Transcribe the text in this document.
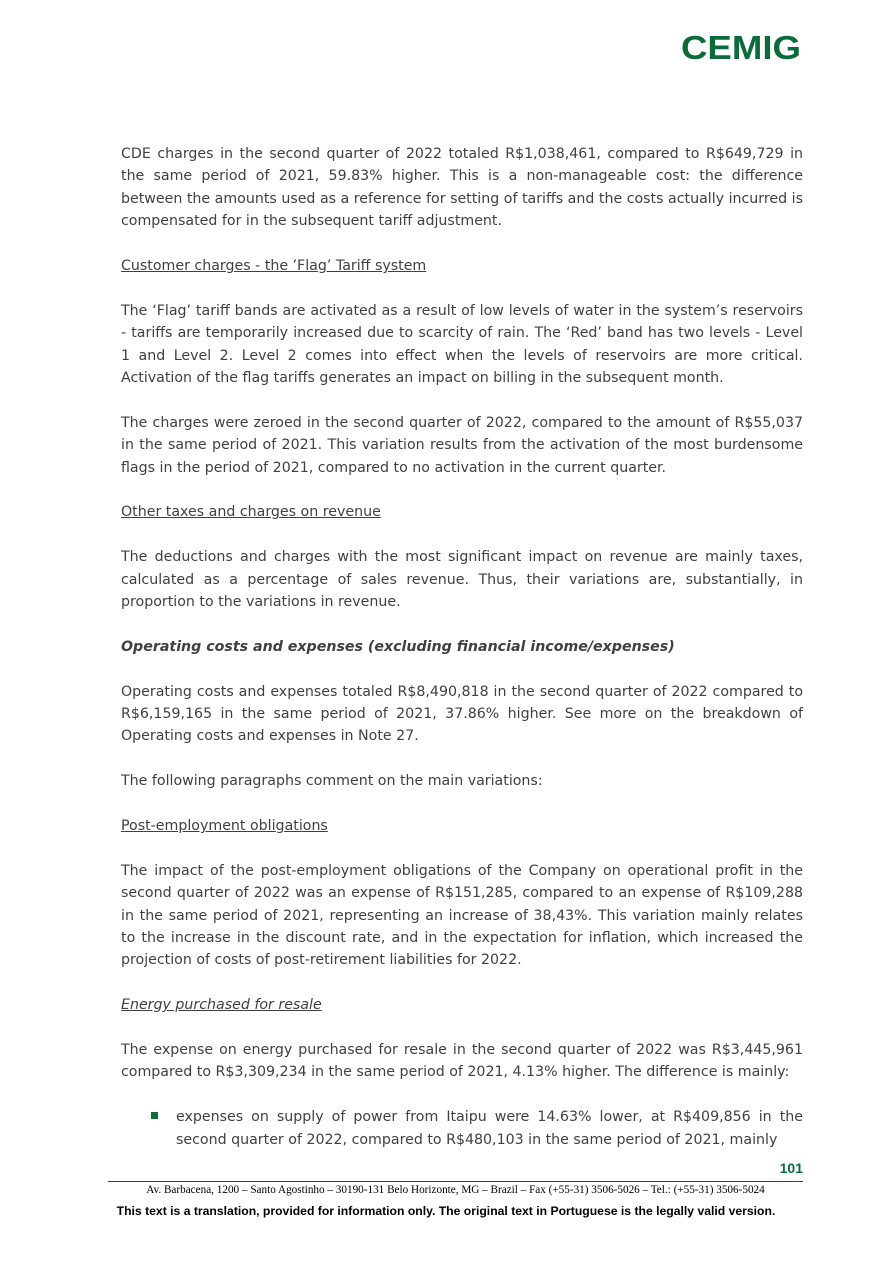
CEMIG

CDE charges in the second quarter of 2022 totaled R$1,038,461, compared to R$649,729 in the same period of 2021, 59.83% higher. This is a non-manageable cost: the difference between the amounts used as a reference for setting of tariffs and the costs actually incurred is compensated for in the subsequent tariff adjustment.

Customer charges - the ’Flag’ Tariff system

The ‘Flag’ tariff bands are activated as a result of low levels of water in the system’s reservoirs - tariffs are temporarily increased due to scarcity of rain. The ‘Red’ band has two levels - Level 1 and Level 2. Level 2 comes into effect when the levels of reservoirs are more critical. Activation of the flag tariffs generates an impact on billing in the subsequent month.

The charges were zeroed in the second quarter of 2022, compared to the amount of R$55,037 in the same period of 2021. This variation results from the activation of the most burdensome flags in the period of 2021, compared to no activation in the current quarter.

Other taxes and charges on revenue

The deductions and charges with the most significant impact on revenue are mainly taxes, calculated as a percentage of sales revenue. Thus, their variations are, substantially, in proportion to the variations in revenue.

Operating costs and expenses (excluding financial income/expenses)

Operating costs and expenses totaled R$8,490,818 in the second quarter of 2022 compared to R$6,159,165 in the same period of 2021, 37.86% higher. See more on the breakdown of Operating costs and expenses in Note 27.

The following paragraphs comment on the main variations:

Post-employment obligations

The impact of the post-employment obligations of the Company on operational profit in the second quarter of 2022 was an expense of R$151,285, compared to an expense of R$109,288 in the same period of 2021, representing an increase of 38,43%. This variation mainly relates to the increase in the discount rate, and in the expectation for inflation, which increased the projection of costs of post-retirement liabilities for 2022.

Energy purchased for resale

The expense on energy purchased for resale in the second quarter of 2022 was R$3,445,961 compared to R$3,309,234 in the same period of 2021, 4.13% higher. The difference is mainly:

expenses on supply of power from Itaipu were 14.63% lower, at R$409,856 in the second quarter of 2022, compared to R$480,103 in the same period of 2021, mainly
101
Av. Barbacena, 1200 – Santo Agostinho – 30190-131 Belo Horizonte, MG – Brazil – Fax (+55-31) 3506-5026 – Tel.: (+55-31) 3506-5024
This text is a translation, provided for information only. The original text in Portuguese is the legally valid version.
